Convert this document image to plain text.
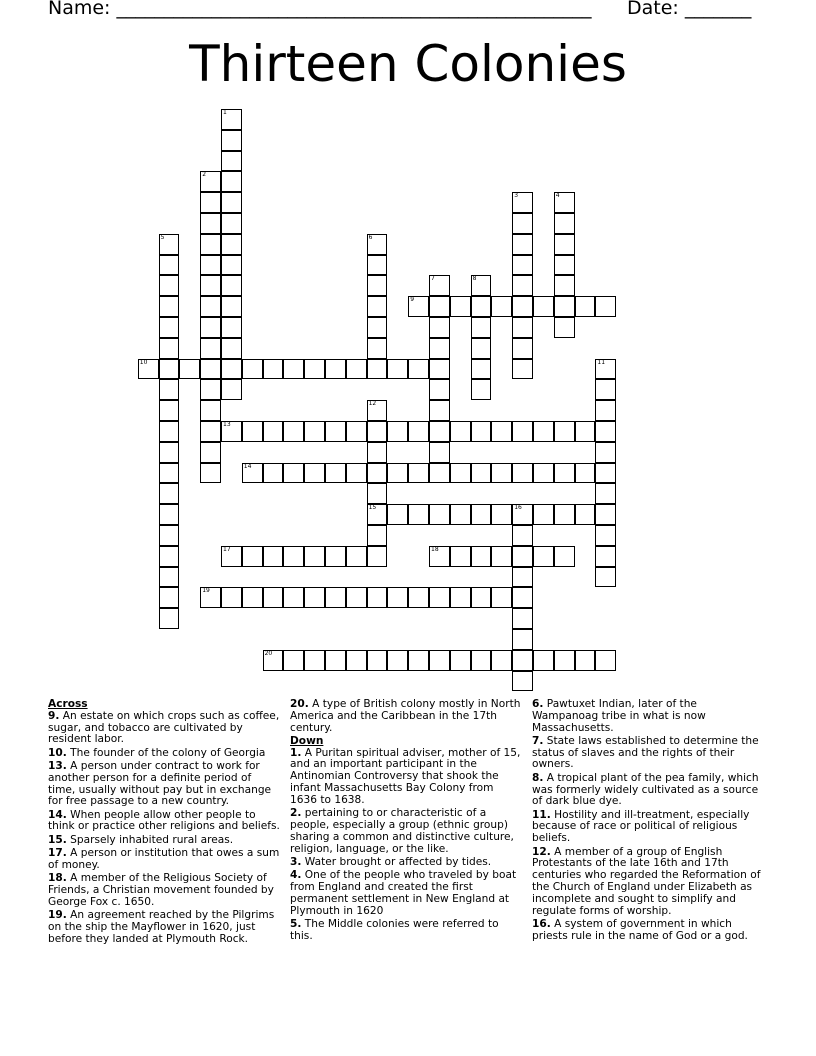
Name: __________________________________________________ Date: _______
Thirteen Colonies
1
2
3	4
5	6
7	8
9
10	11
12
15
13
14
16
17	18
19
20
Across
9. An estate on which crops such as coffee, sugar, and tobacco are cultivated by resident labor.
10. The founder of the colony of Georgia
13. A person under contract to work for another person for a definite period of time, usually without pay but in exchange for free passage to a new country.
14. When people allow other people to think or practice other religions and beliefs.
15. Sparsely inhabited rural areas.
17. A person or institution that owes a sum of money.
18. A member of the Religious Society of Friends, a Christian movement founded by George Fox c. 1650.
19. An agreement reached by the Pilgrims on the ship the Mayflower in 1620, just before they landed at Plymouth Rock.
20. A type of British colony mostly in North America and the Caribbean in the 17th century.
Down
1. A Puritan spiritual adviser, mother of 15, and an important participant in the Antinomian Controversy that shook the infant Massachusetts Bay Colony from 1636 to 1638.
2. pertaining to or characteristic of a people, especially a group (ethnic group) sharing a common and distinctive culture, religion, language, or the like.
3. Water brought or affected by tides.
4. One of the people who traveled by boat from England and created the first permanent settlement in New England at Plymouth in 1620
5. The Middle colonies were referred to this.
6. Pawtuxet Indian, later of the Wampanoag tribe in what is now Massachusetts.
7. State laws established to determine the status of slaves and the rights of their owners.
8. A tropical plant of the pea family, which was formerly widely cultivated as a source of dark blue dye.
11. Hostility and ill-treatment, especially because of race or political of religious beliefs.
12. A member of a group of English Protestants of the late 16th and 17th centuries who regarded the Reformation of the Church of England under Elizabeth as incomplete and sought to simplify and regulate forms of worship.
16. A system of government in which priests rule in the name of God or a god.
